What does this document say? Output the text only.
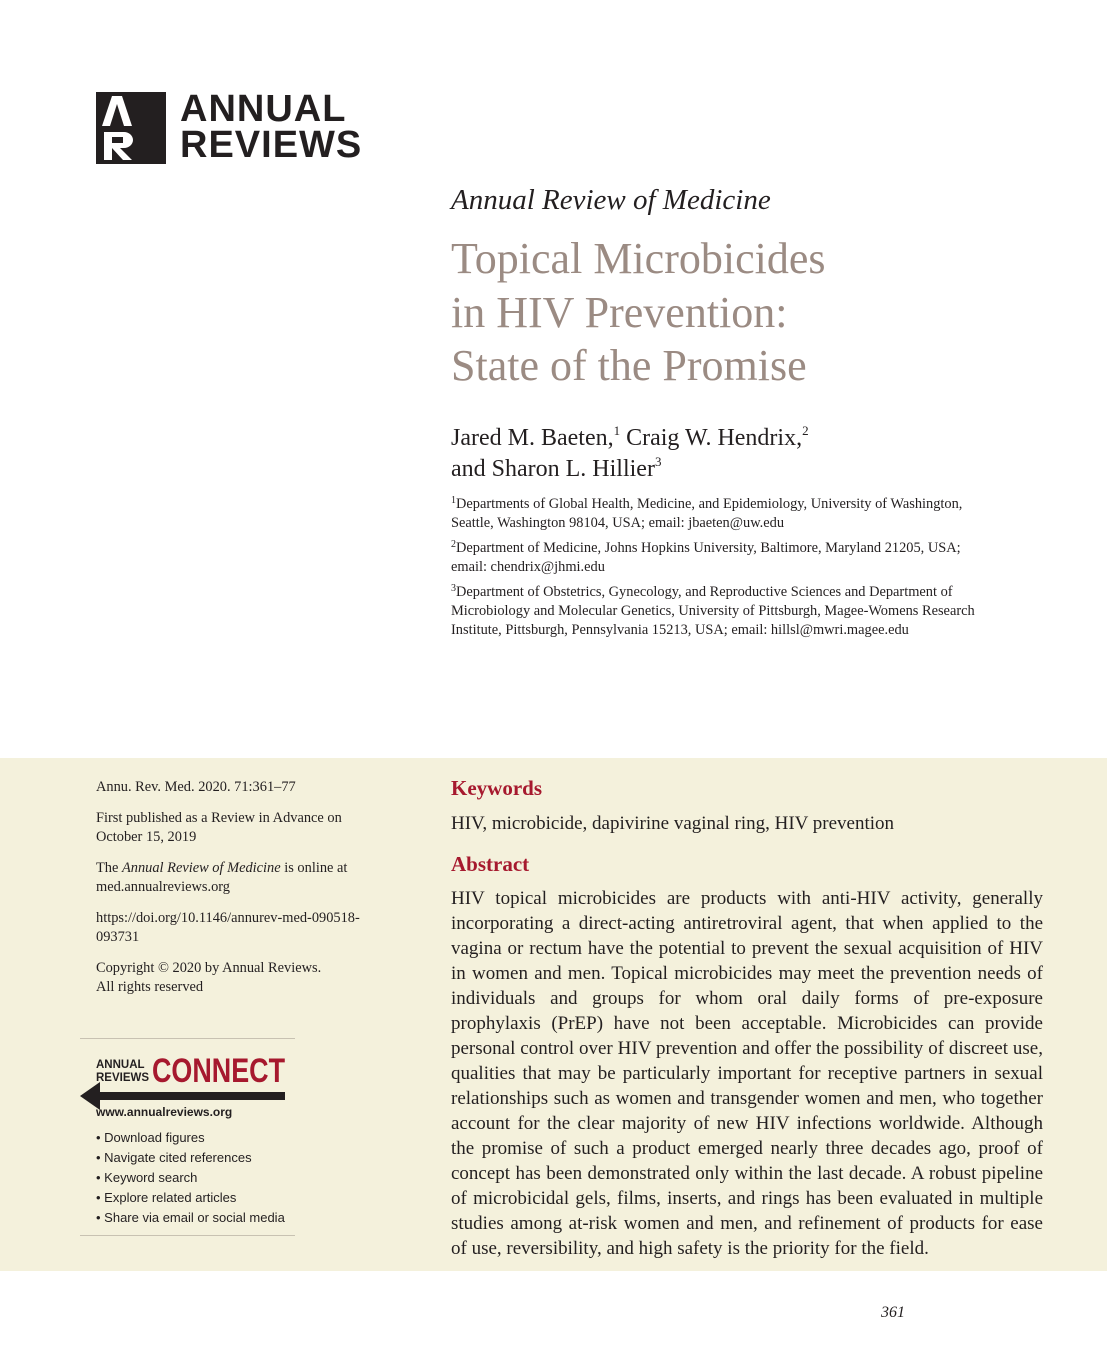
ANNUAL
REVIEWS
Annual Review of Medicine
Topical Microbicides
in HIV Prevention:
State of the Promise
Jared M. Baeten,$^1$ Craig W. Hendrix,$^2$
and Sharon L. Hillier$^3$
$^1$Departments of Global Health, Medicine, and Epidemiology, University of Washington,
Seattle, Washington 98104, USA; email: jbaeten@uw.edu
$^2$Department of Medicine, Johns Hopkins University, Baltimore, Maryland 21205, USA;
email: chendrix@jhmi.edu
$^3$Department of Obstetrics, Gynecology, and Reproductive Sciences and Department of
Microbiology and Molecular Genetics, University of Pittsburgh, Magee-Womens Research
Institute, Pittsburgh, Pennsylvania 15213, USA; email: hillsl@mwri.magee.edu

Annu. Rev. Med. 2020. 71:361–77

First published as a Review in Advance on
October 15, 2019

The Annual Review of Medicine is online at
med.annualreviews.org

https://doi.org/10.1146/annurev-med-090518-
093731

Copyright © 2020 by Annual Reviews.
All rights reserved

ANNUAL
REVIEWS CONNECT
www.annualreviews.org
• Download figures
• Navigate cited references
• Keyword search
• Explore related articles
• Share via email or social media
Keywords
HIV, microbicide, dapivirine vaginal ring, HIV prevention
Abstract

HIV topical microbicides are products with anti-HIV activity, generally incorporating a direct-acting antiretroviral agent, that when applied to the vagina or rectum have the potential to prevent the sexual acquisition of HIV in women and men. Topical microbicides may meet the prevention needs of individuals and groups for whom oral daily forms of pre-exposure prophylaxis (PrEP) have not been acceptable. Microbicides can provide personal control over HIV prevention and offer the possibility of discreet use, qualities that may be particularly important for receptive partners in sexual relationships such as women and transgender women and men, who together account for the clear majority of new HIV infections worldwide. Although the promise of such a product emerged nearly three decades ago, proof of concept has been demonstrated only within the last decade. A robust pipeline of microbicidal gels, films, inserts, and rings has been evaluated in multiple studies among at-risk women and men, and refinement of products for ease of use, reversibility, and high safety is the priority for the field.

361
